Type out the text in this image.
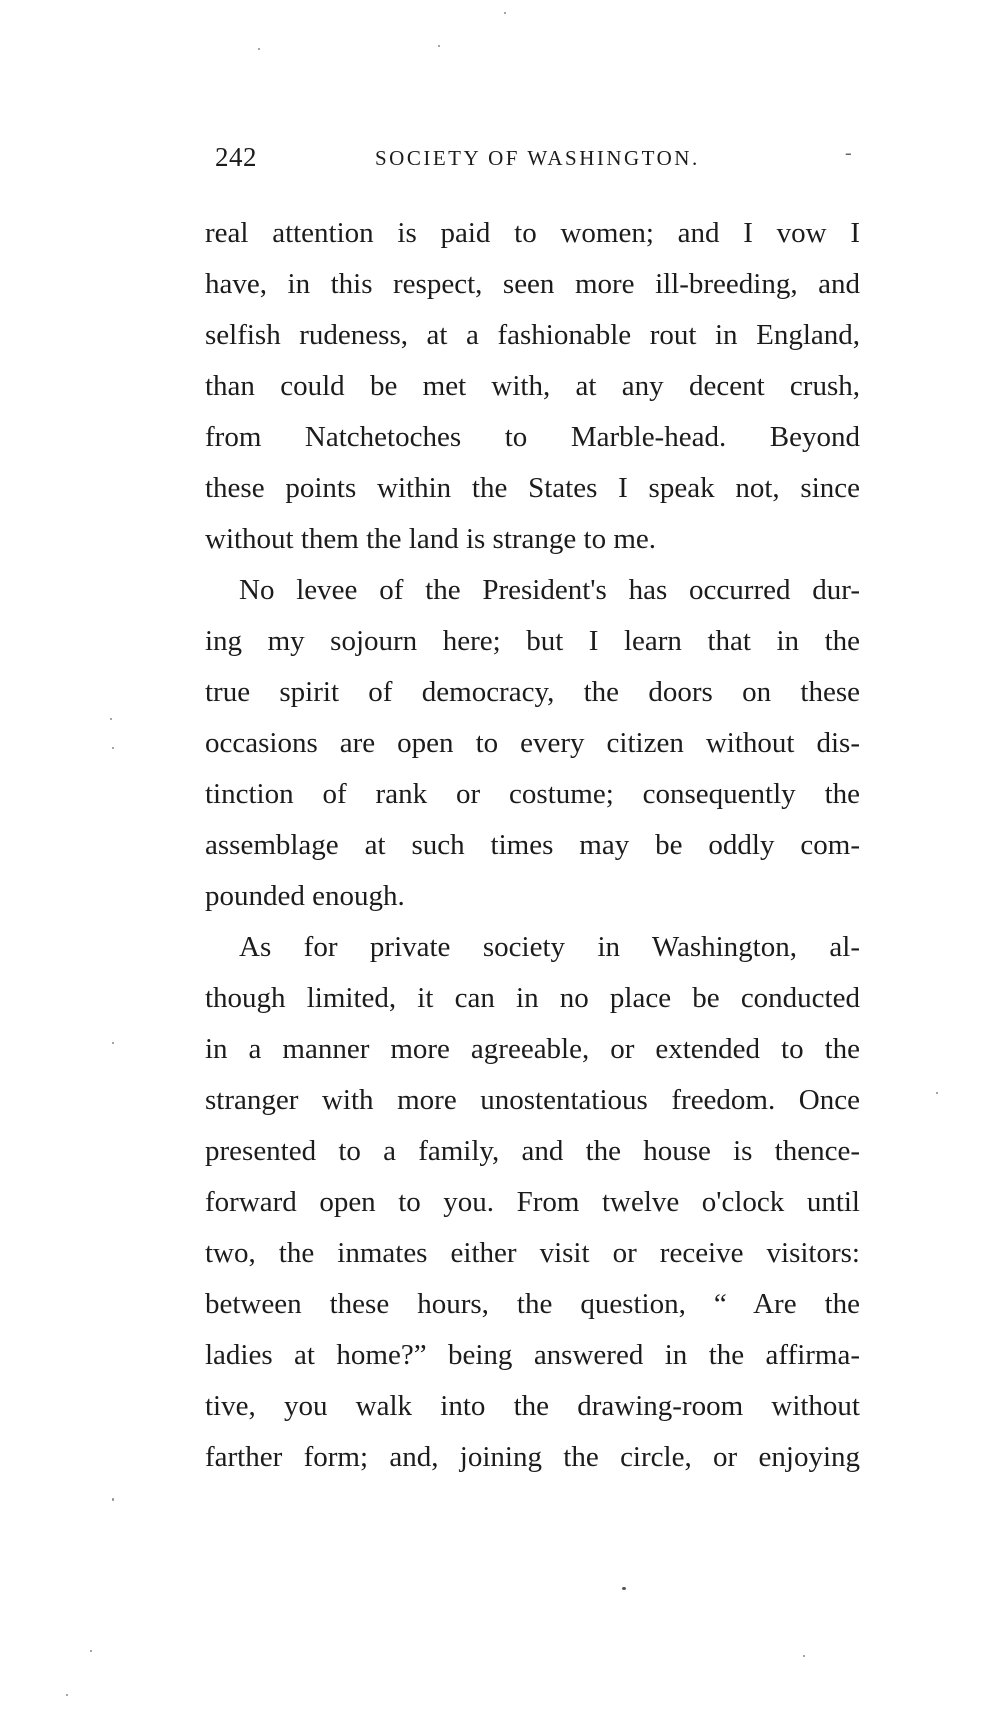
242	SOCIETY OF WASHINGTON.	-
real attention is paid to women; and I vow I
have, in this respect, seen more ill-breeding, and
selfish rudeness, at a fashionable rout in England,
than could be met with, at any decent crush,
from Natchetoches to Marble-head. Beyond
these points within the States I speak not, since
without them the land is strange to me.
No levee of the President's has occurred dur-
ing my sojourn here; but I learn that in the
true spirit of democracy, the doors on these
occasions are open to every citizen without dis-
tinction of rank or costume; consequently the
assemblage at such times may be oddly com-
pounded enough.
As for private society in Washington, al-
though limited, it can in no place be conducted
in a manner more agreeable, or extended to the
stranger with more unostentatious freedom. Once
presented to a family, and the house is thence-
forward open to you. From twelve o'clock until
two, the inmates either visit or receive visitors:
between these hours, the question, “ Are the
ladies at home?” being answered in the affirma-
tive, you walk into the drawing-room without
farther form; and, joining the circle, or enjoying
